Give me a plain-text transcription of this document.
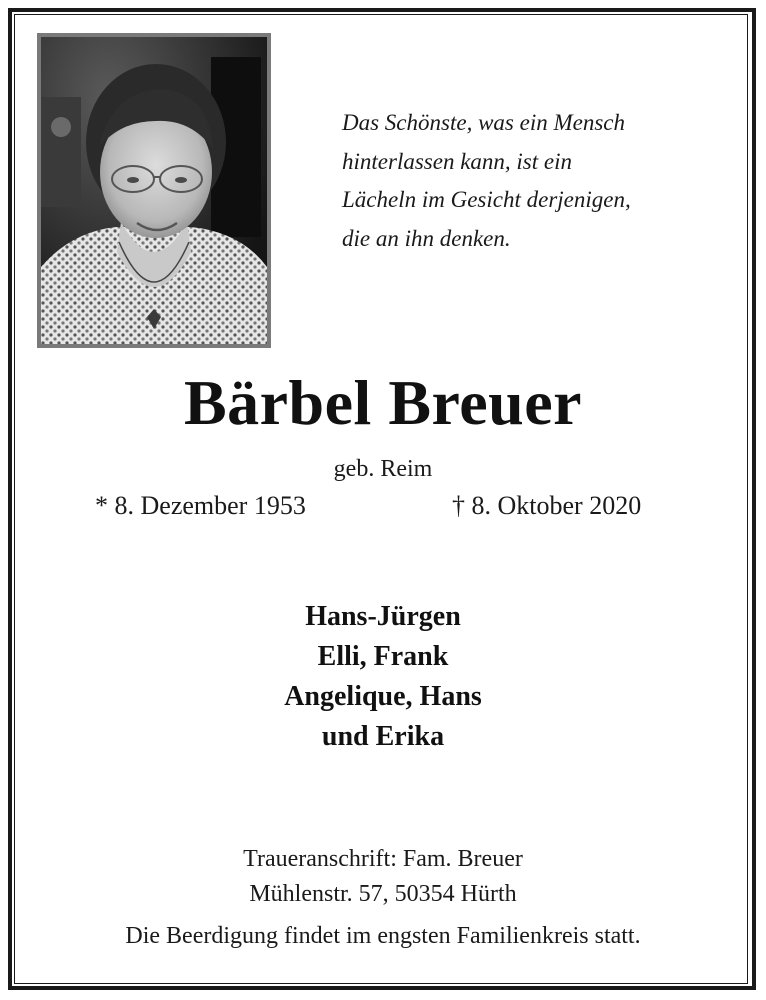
Das Schönste, was ein Mensch
hinterlassen kann, ist ein
Lächeln im Gesicht derjenigen,
die an ihn denken.
Bärbel Breuer
geb. Reim
* 8. Dezember 1953	† 8. Oktober 2020
Hans-Jürgen
Elli, Frank
Angelique, Hans
und Erika
Traueranschrift: Fam. Breuer
Mühlenstr. 57, 50354 Hürth
Die Beerdigung findet im engsten Familienkreis statt.
